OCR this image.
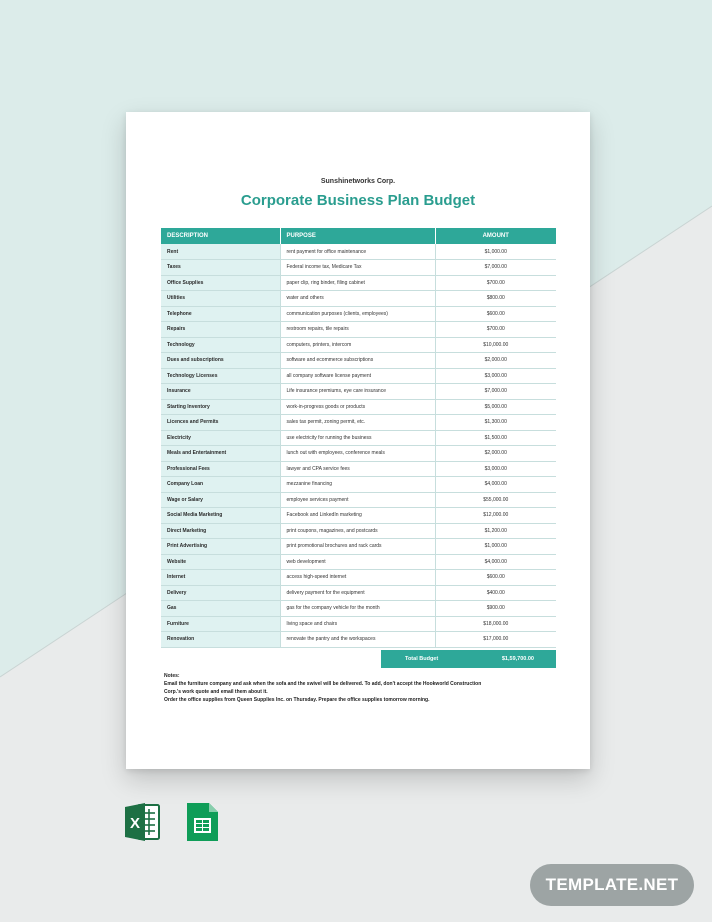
Sunshinetworks Corp.
Corporate Business Plan Budget
DESCRIPTION	PURPOSE	AMOUNT
Rent	rent payment for office maintenance	$1,000.00
Taxes	Federal income tax, Medicare Tax	$7,000.00
Office Supplies	paper clip, ring binder, filing cabinet	$700.00
Utilities	water and others	$800.00
Telephone	communication purposes (clients, employees)	$600.00
Repairs	restroom repairs, tile repairs	$700.00
Technology	computers, printers, intercom	$10,000.00
Dues and subscriptions	software and ecommerce subscriptions	$2,000.00
Technology Licenses	all company software license payment	$3,000.00
Insurance	Life insurance premiums, eye care insurance	$7,000.00
Starting Inventory	work-in-progress goods or products	$5,000.00
Licences and Permits	sales tax permit, zoning permit, etc.	$1,300.00
Electricity	use electricity for running the business	$1,500.00
Meals and Entertainment	lunch out with employees, conference meals	$2,000.00
Professional Fees	lawyer and CPA service fees	$3,000.00
Company Loan	mezzanine financing	$4,000.00
Wage or Salary	employee services payment	$55,000.00
Social Media Marketing	Facebook and LinkedIn marketing	$12,000.00
Direct Marketing	print coupons, magazines, and postcards	$1,200.00
Print Advertising	print promotional brochures and rack cards	$1,000.00
Website	web development	$4,000.00
Internet	access high-speed internet	$600.00
Delivery	delivery payment for the equipment	$400.00
Gas	gas for the company vehicle for the month	$900.00
Furniture	living space and chairs	$18,000.00
Renovation	renovate the pantry and the workspaces	$17,000.00
Total Budget	$1,59,700.00
Notes:
Email the furniture company and ask when the sofa and the swivel will be delivered. To add, don't accept the Hookworld Construction
Corp.'s work quote and email them about it.
Order the office supplies from Queen Supplies Inc. on Thursday. Prepare the office supplies tomorrow morning.
X
TEMPLATE.NET
